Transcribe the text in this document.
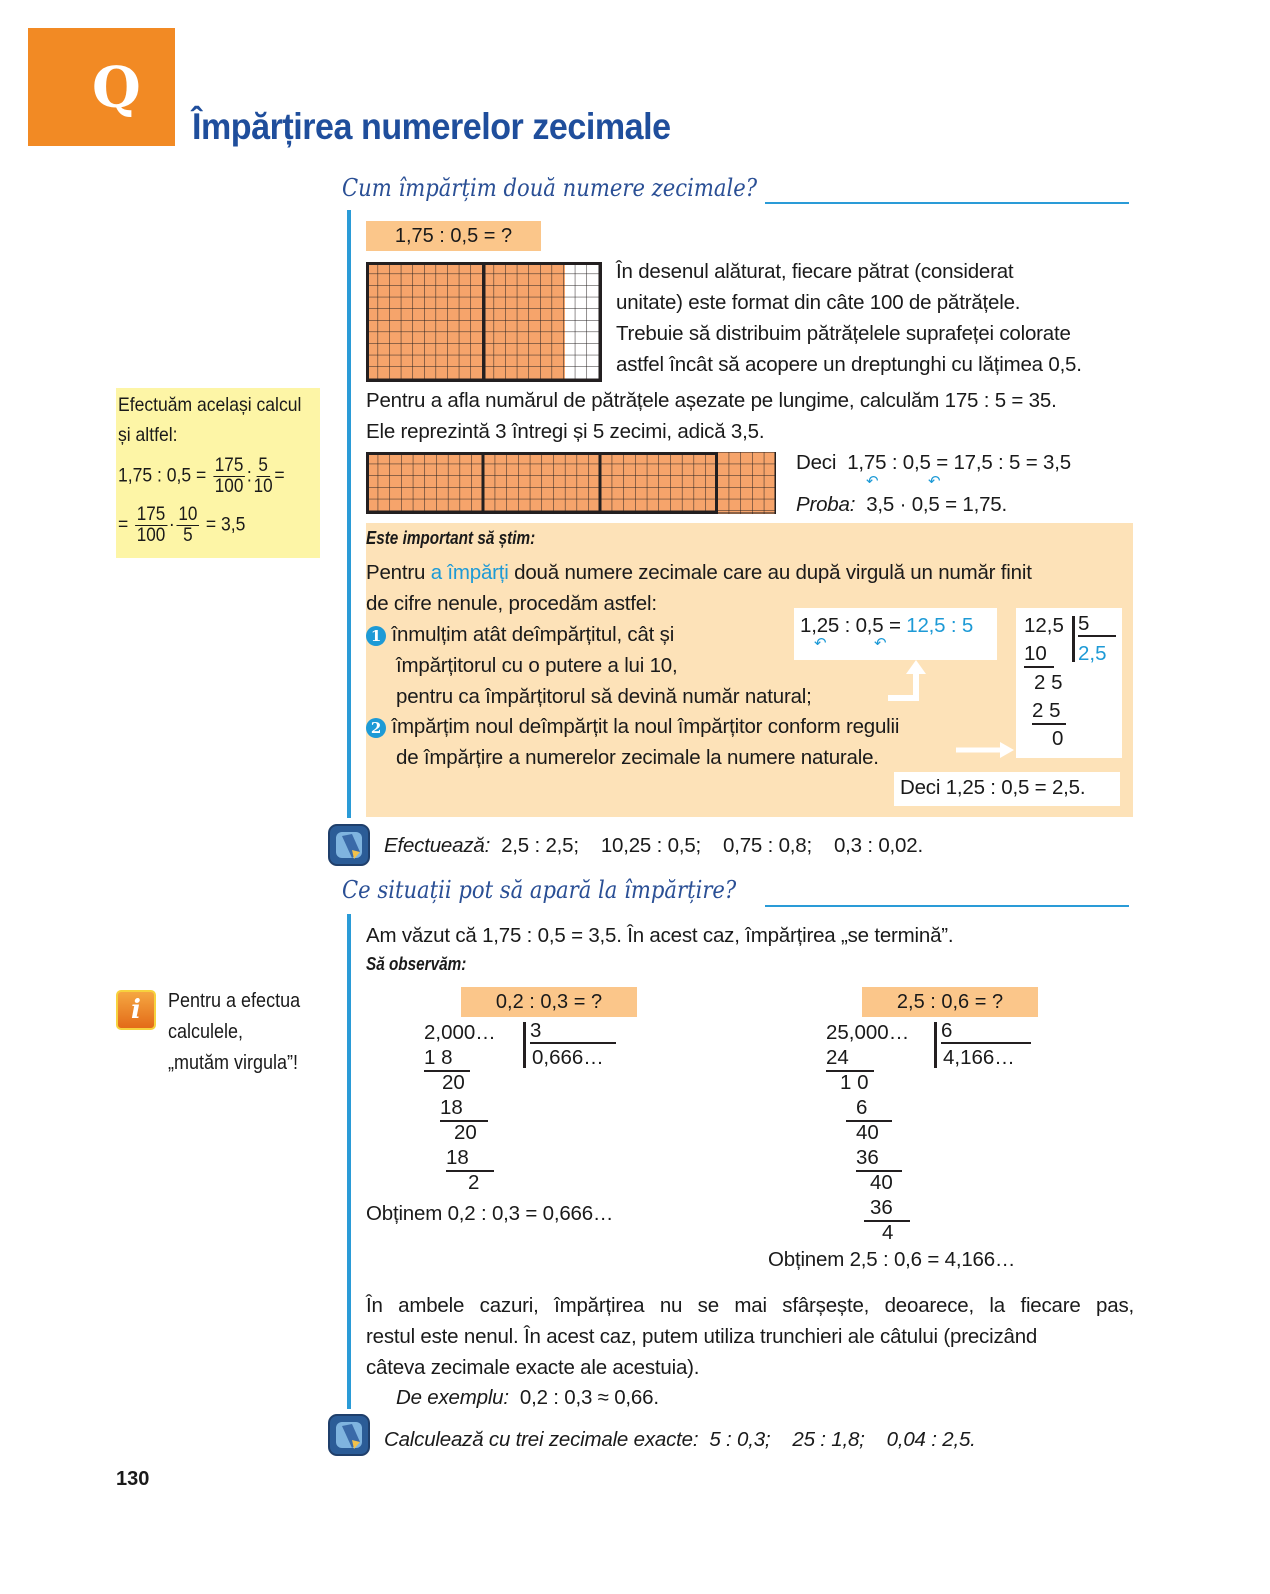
Q
Împărțirea numerelor zecimale
Cum împărțim două numere zecimale?
1,75 : 0,5 = ?
În desenul alăturat, fiecare pătrat (considerat
unitate) este format din câte 100 de pătrățele.
Trebuie să distribuim pătrățelele suprafeței colorate
astfel încât să acopere un dreptunghi cu lățimea 0,5.
Pentru a afla numărul de pătrățele așezate pe lungime, calculăm 175 : 5 = 35.
Ele reprezintă 3 întregi și 5 zecimi, adică 3,5.
Deci 1,75 : 0,5 = 17,5 : 5 = 3,5
↶	↶
Proba: 3,5 · 0,5 = 1,75.
Efectuăm același calcul
și altfel:
1,75 : $0,5 = \frac{175}{100}$ : $\frac{5}{10}$ =
= $\frac{175}{100} \cdot \frac{10}{5} = 3,5$
Este important să știm:
Pentru a împărți două numere zecimale care au după virgulă un număr finit
de cifre nenule, procedăm astfel:
1 înmulțim atât deîmpărțitul, cât și
împărțitorul cu o putere a lui 10,
pentru ca împărțitorul să devină număr natural;
2 împărțim noul deîmpărțit la noul împărțitor conform regulii
de împărțire a numerelor zecimale la numere naturale.
1,25 : 0,5 = 12,5 : 5
↶	↶
12,5 5
2,5
10
2 5
2 5
0
Deci 1,25 : 0,5 = 2,5.
Efectuează: 2,5 : 2,5;    10,25 : 0,5;    0,75 : 0,8;    0,3 : 0,02.
Ce situații pot să apară la împărțire?
Am văzut că 1,75 : 0,5 = 3,5. În acest caz, împărțirea „se termină”.
Să observăm:
0,2 : 0,3 = ?
2,000… 3
0,666…
1 8
20
18
20
18
2
Obținem 0,2 : 0,3 = 0,666…
2,5 : 0,6 = ?
25,000… 6
4,166…
24
1 0
6
40
36
40
36
4
Obținem 2,5 : 0,6 = 4,166…
i	Pentru a efectua
calculele,
„mutăm virgula”!
În ambele cazuri, împărțirea nu se mai sfârșește, deoarece, la fiecare pas,
restul este nenul. În acest caz, putem utiliza trunchieri ale câtului (precizând
câteva zecimale exacte ale acestuia).
De exemplu: 0,2 : 0,3 ≈ 0,66.
Calculează cu trei zecimale exacte: 5 : 0,3;    25 : 1,8;    0,04 : 2,5.
130
